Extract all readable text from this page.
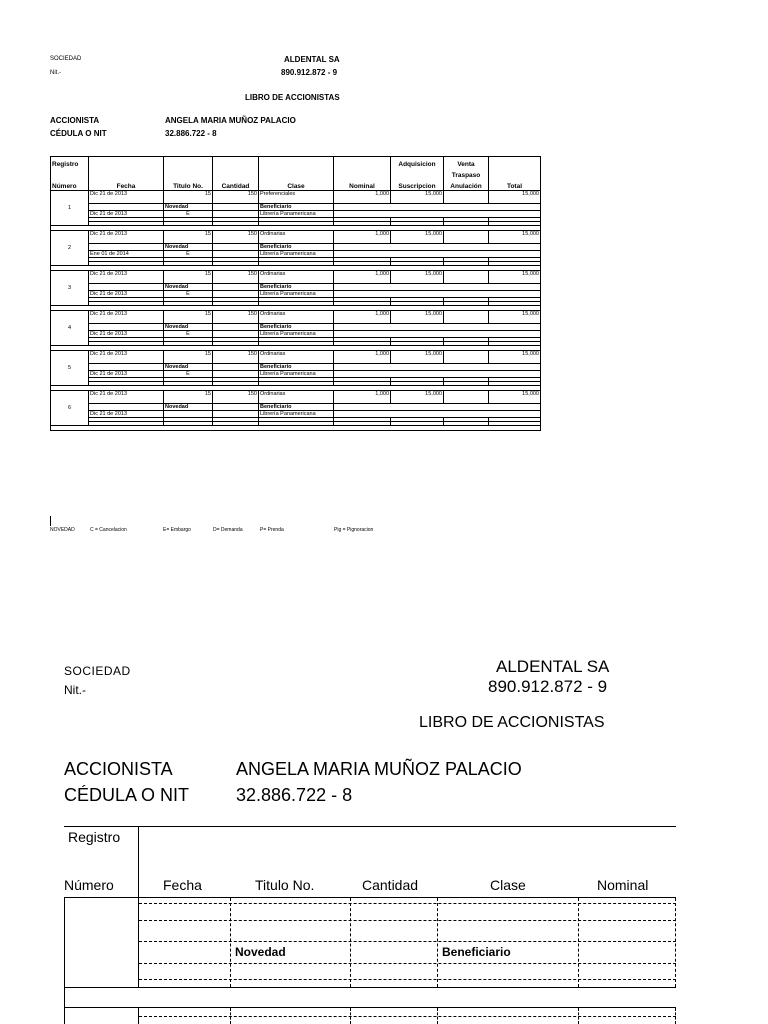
SOCIEDAD
Nit.-
ALDENTAL SA
890.912.872 - 9
LIBRO DE ACCIONISTAS
ACCIONISTA	ANGELA MARIA MUÑOZ PALACIO
CÉDULA O NIT	32.886.722 - 8
Registro						Adquisicion	Venta	
							Traspaso	
Número	Fecha	Titulo No.	Cantidad	Clase	Nominal	Suscripcion	Anulación	Total
1	Dic 21 de 2013	15	150	Preferenciales	1,000	15,000		15,000

		Novedad		Beneficiario				
	Dic 21 de 2013	E		Librería Panamericana				

2	Dic 21 de 2013	15	150	Ordinarias	1,000	15,000		15,000

		Novedad		Beneficiario				
	Ene 01 de 2014	E		Librería Panamericana				

3	Dic 21 de 2013	15	150	Ordinarias	1,000	15,000		15,000

		Novedad		Beneficiario				
	Dic 21 de 2013	E		Librería Panamericana				

4	Dic 21 de 2013	15	150	Ordinarias	1,000	15,000		15,000

		Novedad		Beneficiario				
	Dic 21 de 2013	E		Librería Panamericana				

5	Dic 21 de 2013	15	150	Ordinarias	1,000	15,000		15,000

		Novedad		Beneficiario				
	Dic 21 de 2013	E		Librería Panamericana				

6	Dic 21 de 2013	15	150	Ordinarias	1,000	15,000		15,000

		Novedad		Beneficiario				
	Dic 21 de 2013			Librería Panamericana				

NOVEDAD	C = Cancelacion	E= Embargo	D= Demanda	P= Prenda	Pig = Pignoracion
SOCIEDAD
Nit.-
ALDENTAL SA
890.912.872 - 9
LIBRO DE ACCIONISTAS
ACCIONISTA	ANGELA MARIA MUÑOZ PALACIO
CÉDULA O NIT	32.886.722 - 8
Registro
Número	Fecha	Titulo No.	Cantidad	Clase	Nominal
Novedad	Beneficiario
